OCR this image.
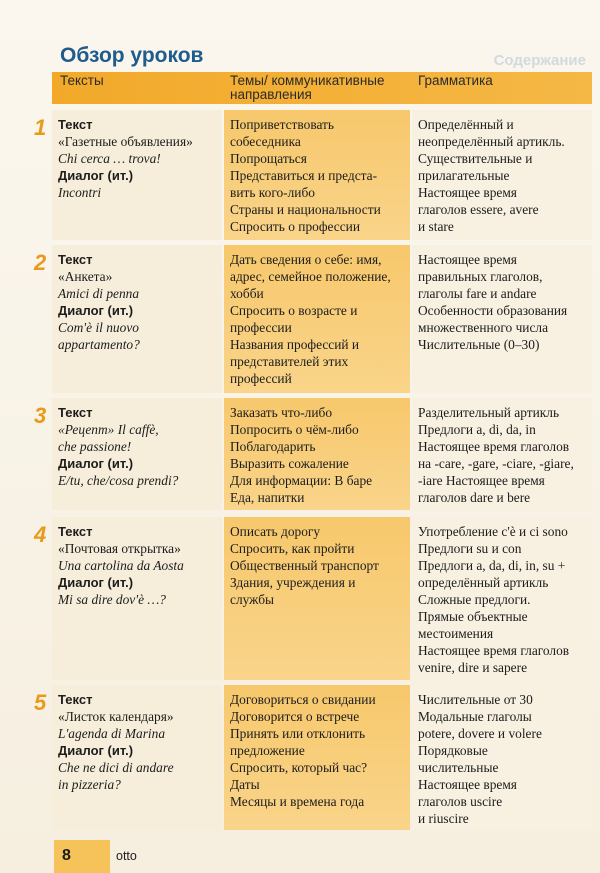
Содержание
Обзор уроков
Тексты	Темы/ коммуникативные направления
Грамматика
1 Текст
«Газетные объявления»
Chi cerca … trova!
Диалог (ит.)
Incontri
Поприветствовать
собеседника
Попрощаться
Представиться и предста-
вить кого-либо
Страны и национальности
Спросить о профессии
Определённый и
неопределённый артикль.
Существительные и
прилагательные
Настоящее время
глаголов essere, avere
и stare
2 Текст
«Анкета»
Amici di penna
Диалог (ит.)
Com'è il nuovo
appartamento?
Дать сведения о себе: имя,
адрес, семейное положение,
хобби
Спросить о возрасте и
профессии
Названия профессий и
представителей этих
профессий
Настоящее время
правильных глаголов,
глаголы fare и andare
Особенности образования
множественного числа
Числительные (0–30)
3 Текст
«Рецепт» Il caffè,
che passione!
Диалог (ит.)
E/tu, che/cosa prendi?
Заказать что-либо
Попросить о чём-либо
Поблагодарить
Выразить сожаление
Для информации: В баре
Еда, напитки
Разделительный артикль
Предлоги a, di, da, in
Настоящее время глаголов
на -care, -gare, -ciare, -giare,
-iare Настоящее время
глаголов dare и bere
4 Текст
«Почтовая открытка»
Una cartolina da Aosta
Диалог (ит.)
Mi sa dire dov'è …?
Описать дорогу
Спросить, как пройти
Общественный транспорт
Здания, учреждения и
службы
Употребление c'è и ci sono
Предлоги su и con
Предлоги a, da, di, in, su +
определённый артикль
Сложные предлоги.
Прямые объектные
местоимения
Настоящее время глаголов
venire, dire и sapere
5 Текст
«Листок календаря»
L'agenda di Marina
Диалог (ит.)
Che ne dici di andare
in pizzeria?
Договориться о свидании
Договорится о встрече
Принять или отклонить
предложение
Спросить, который час?
Даты
Месяцы и времена года
Числительные от 30
Модальные глаголы
potere, dovere и volere
Порядковые
числительные
Настоящее время
глаголов uscire
и riuscire
8	otto
